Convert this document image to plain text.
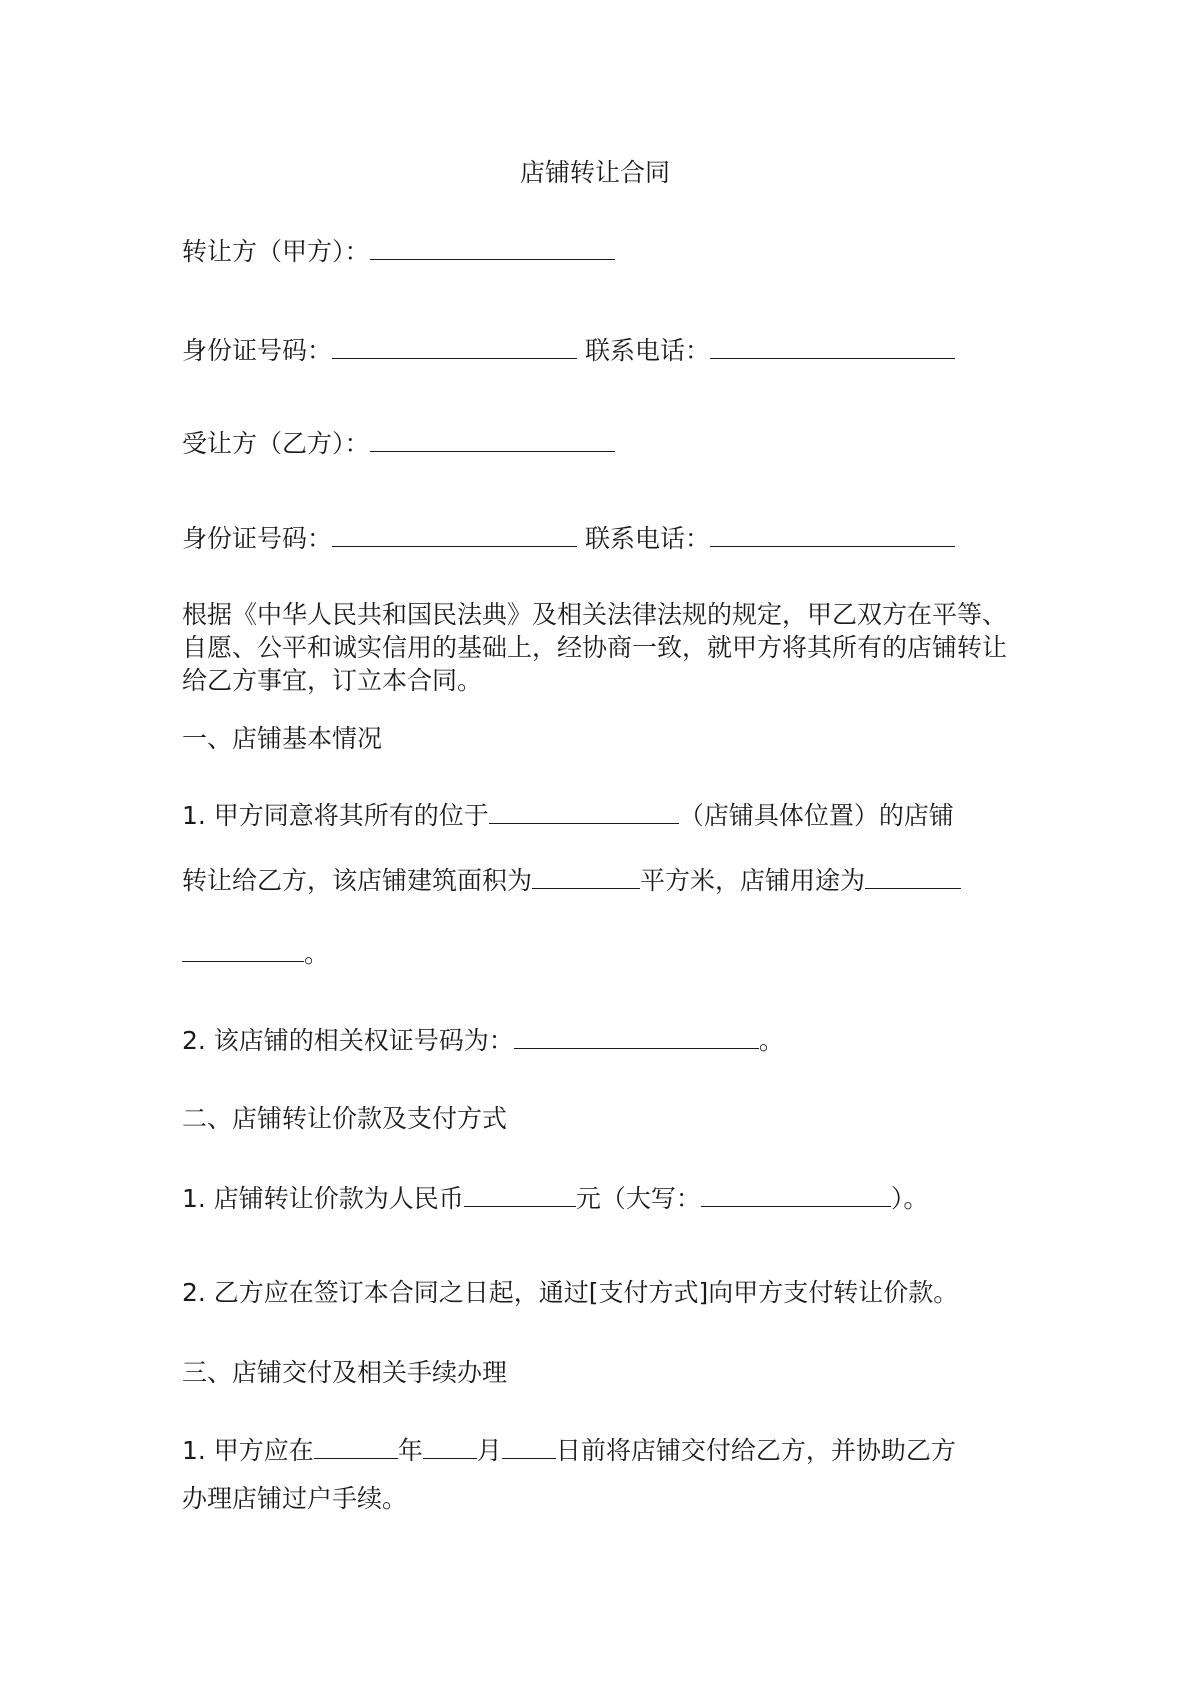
店铺转让合同
转让方（甲方）：
身份证号码：	联系电话：
受让方（乙方）：
身份证号码：	联系电话：
根据《中华人民共和国民法典》及相关法律法规的规定，甲乙双方在平等、自愿、公平和诚实信用的基础上，经协商一致，就甲方将其所有的店铺转让给乙方事宜，订立本合同。
一、店铺基本情况
1. 甲方同意将其所有的位于	（店铺具体位置）的店铺
转让给乙方，该店铺建筑面积为	平方米，店铺用途为
。
2. 该店铺的相关权证号码为：	。
二、店铺转让价款及支付方式
1. 店铺转让价款为人民币	元（大写：	）。
2. 乙方应在签订本合同之日起，通过[支付方式]向甲方支付转让价款。
三、店铺交付及相关手续办理
1. 甲方应在	年 月 日前将店铺交付给乙方，并协助乙方
办理店铺过户手续。
